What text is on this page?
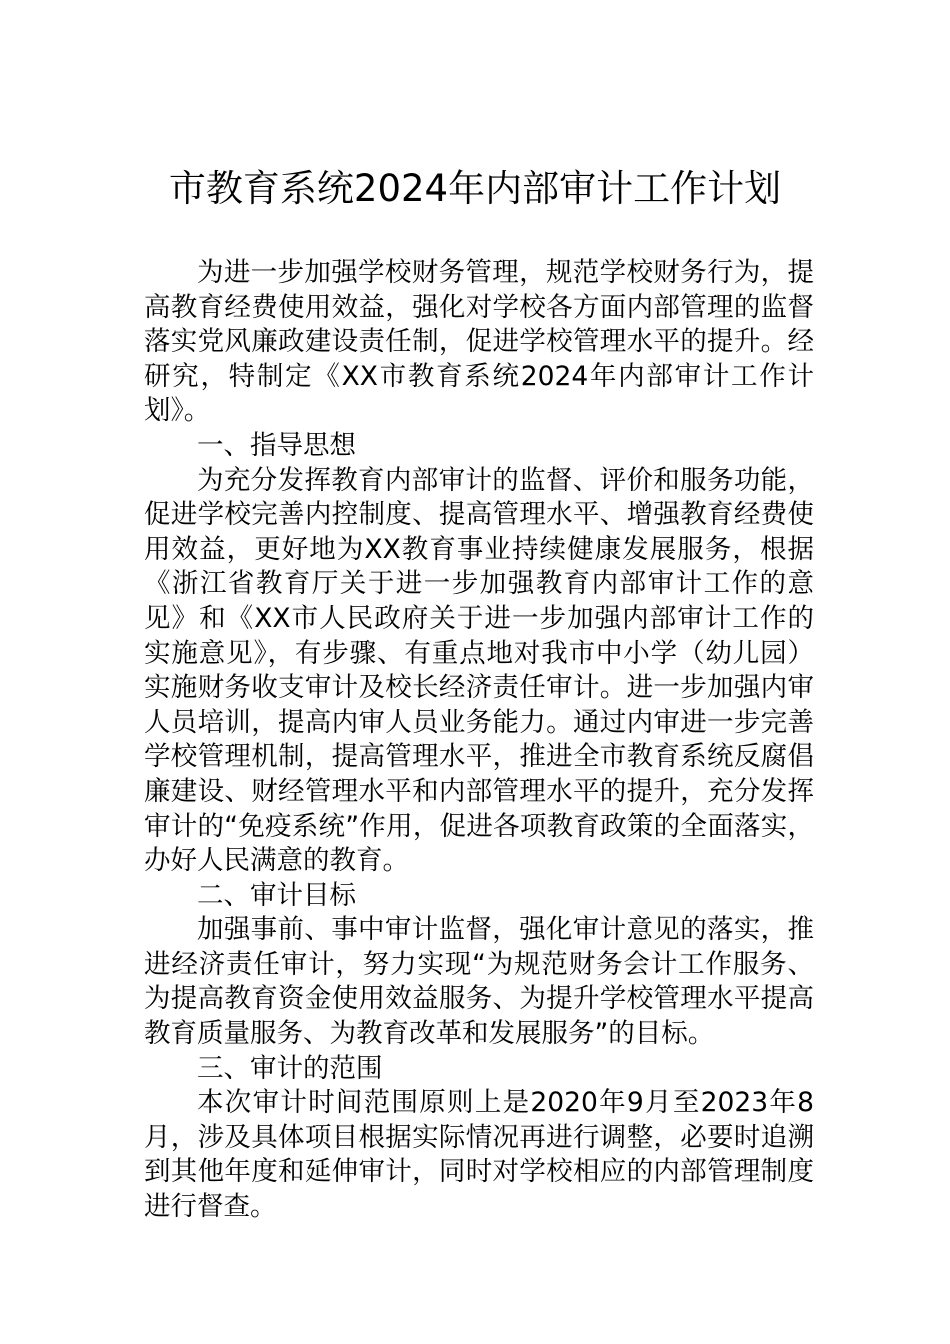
市教育系统2024年内部审计工作计划

为进一步加强学校财务管理，规范学校财务行为，提高教育经费使用效益，强化对学校各方面内部管理的监督落实党风廉政建设责任制，促进学校管理水平的提升。经研究，特制定《XX市教育系统2024年内部审计工作计划》。

一、指导思想

为充分发挥教育内部审计的监督、评价和服务功能，促进学校完善内控制度、提高管理水平、增强教育经费使用效益，更好地为XX教育事业持续健康发展服务，根据《浙江省教育厅关于进一步加强教育内部审计工作的意见》和《XX市人民政府关于进一步加强内部审计工作的实施意见》，有步骤、有重点地对我市中小学（幼儿园）实施财务收支审计及校长经济责任审计。进一步加强内审人员培训，提高内审人员业务能力。通过内审进一步完善学校管理机制，提高管理水平，推进全市教育系统反腐倡廉建设、财经管理水平和内部管理水平的提升，充分发挥审计的“免疫系统”作用，促进各项教育政策的全面落实，办好人民满意的教育。

二、审计目标

加强事前、事中审计监督，强化审计意见的落实，推进经济责任审计，努力实现“为规范财务会计工作服务、为提高教育资金使用效益服务、为提升学校管理水平提高教育质量服务、为教育改革和发展服务”的目标。

三、审计的范围

本次审计时间范围原则上是2020年9月至2023年8月，涉及具体项目根据实际情况再进行调整，必要时追溯到其他年度和延伸审计，同时对学校相应的内部管理制度进行督查。
